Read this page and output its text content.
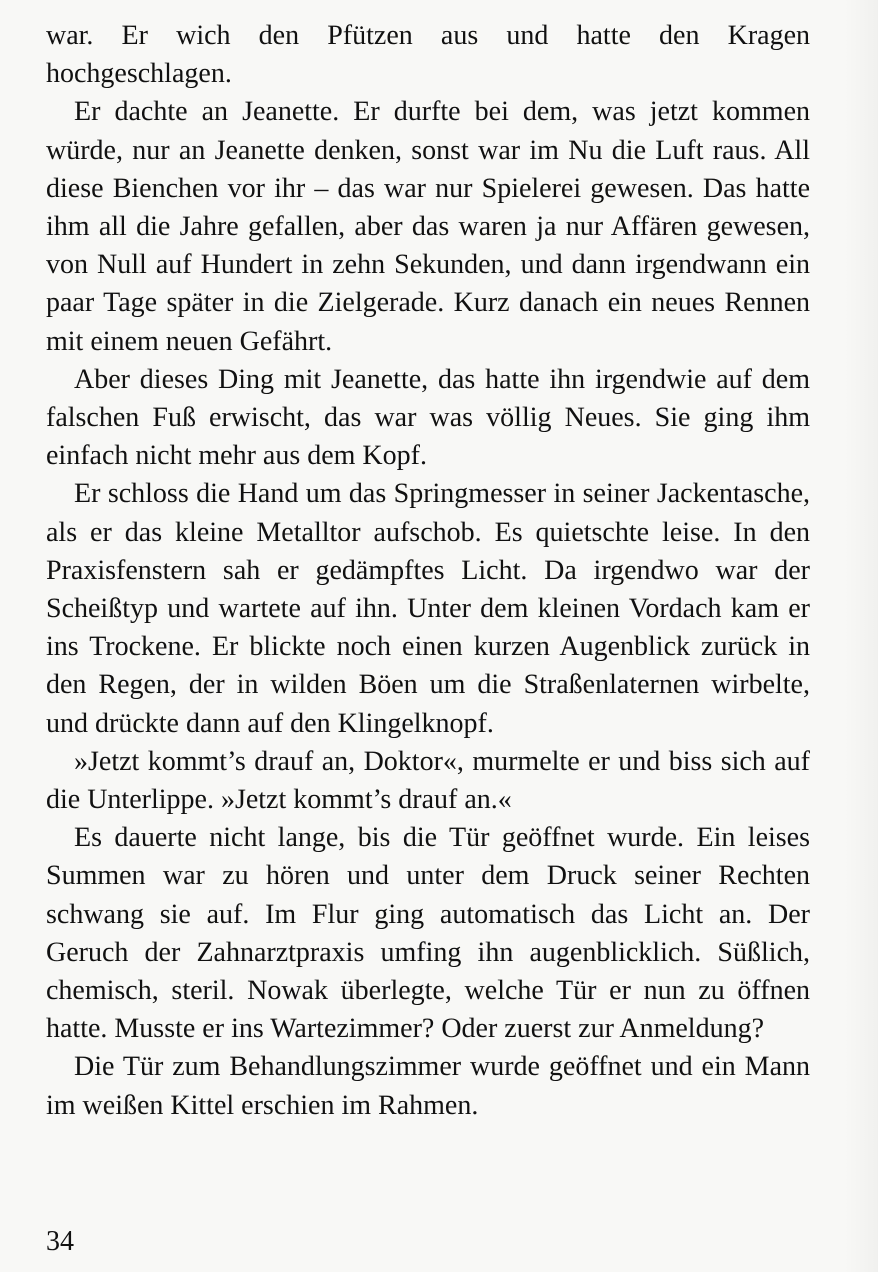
war. Er wich den Pfützen aus und hatte den Kragen hochgeschlagen.

Er dachte an Jeanette. Er durfte bei dem, was jetzt kommen würde, nur an Jeanette denken, sonst war im Nu die Luft raus. All diese Bienchen vor ihr – das war nur Spielerei gewesen. Das hatte ihm all die Jahre gefallen, aber das waren ja nur Affären gewesen, von Null auf Hundert in zehn Sekunden, und dann irgendwann ein paar Tage später in die Zielgerade. Kurz danach ein neues Rennen mit einem neuen Gefährt.

Aber dieses Ding mit Jeanette, das hatte ihn irgendwie auf dem falschen Fuß erwischt, das war was völlig Neues. Sie ging ihm einfach nicht mehr aus dem Kopf.

Er schloss die Hand um das Springmesser in seiner Jackentasche, als er das kleine Metalltor aufschob. Es quietschte leise. In den Praxisfenstern sah er gedämpftes Licht. Da irgendwo war der Scheißtyp und wartete auf ihn. Unter dem kleinen Vordach kam er ins Trockene. Er blickte noch einen kurzen Augenblick zurück in den Regen, der in wilden Böen um die Straßenlaternen wirbelte, und drückte dann auf den Klingelknopf.

»Jetzt kommt’s drauf an, Doktor«, murmelte er und biss sich auf die Unterlippe. »Jetzt kommt’s drauf an.«

Es dauerte nicht lange, bis die Tür geöffnet wurde. Ein leises Summen war zu hören und unter dem Druck seiner Rechten schwang sie auf. Im Flur ging automatisch das Licht an. Der Geruch der Zahnarztpraxis umfing ihn augenblicklich. Süßlich, chemisch, steril. Nowak überlegte, welche Tür er nun zu öffnen hatte. Musste er ins Wartezimmer? Oder zuerst zur Anmeldung?

Die Tür zum Behandlungszimmer wurde geöffnet und ein Mann im weißen Kittel erschien im Rahmen.

34
